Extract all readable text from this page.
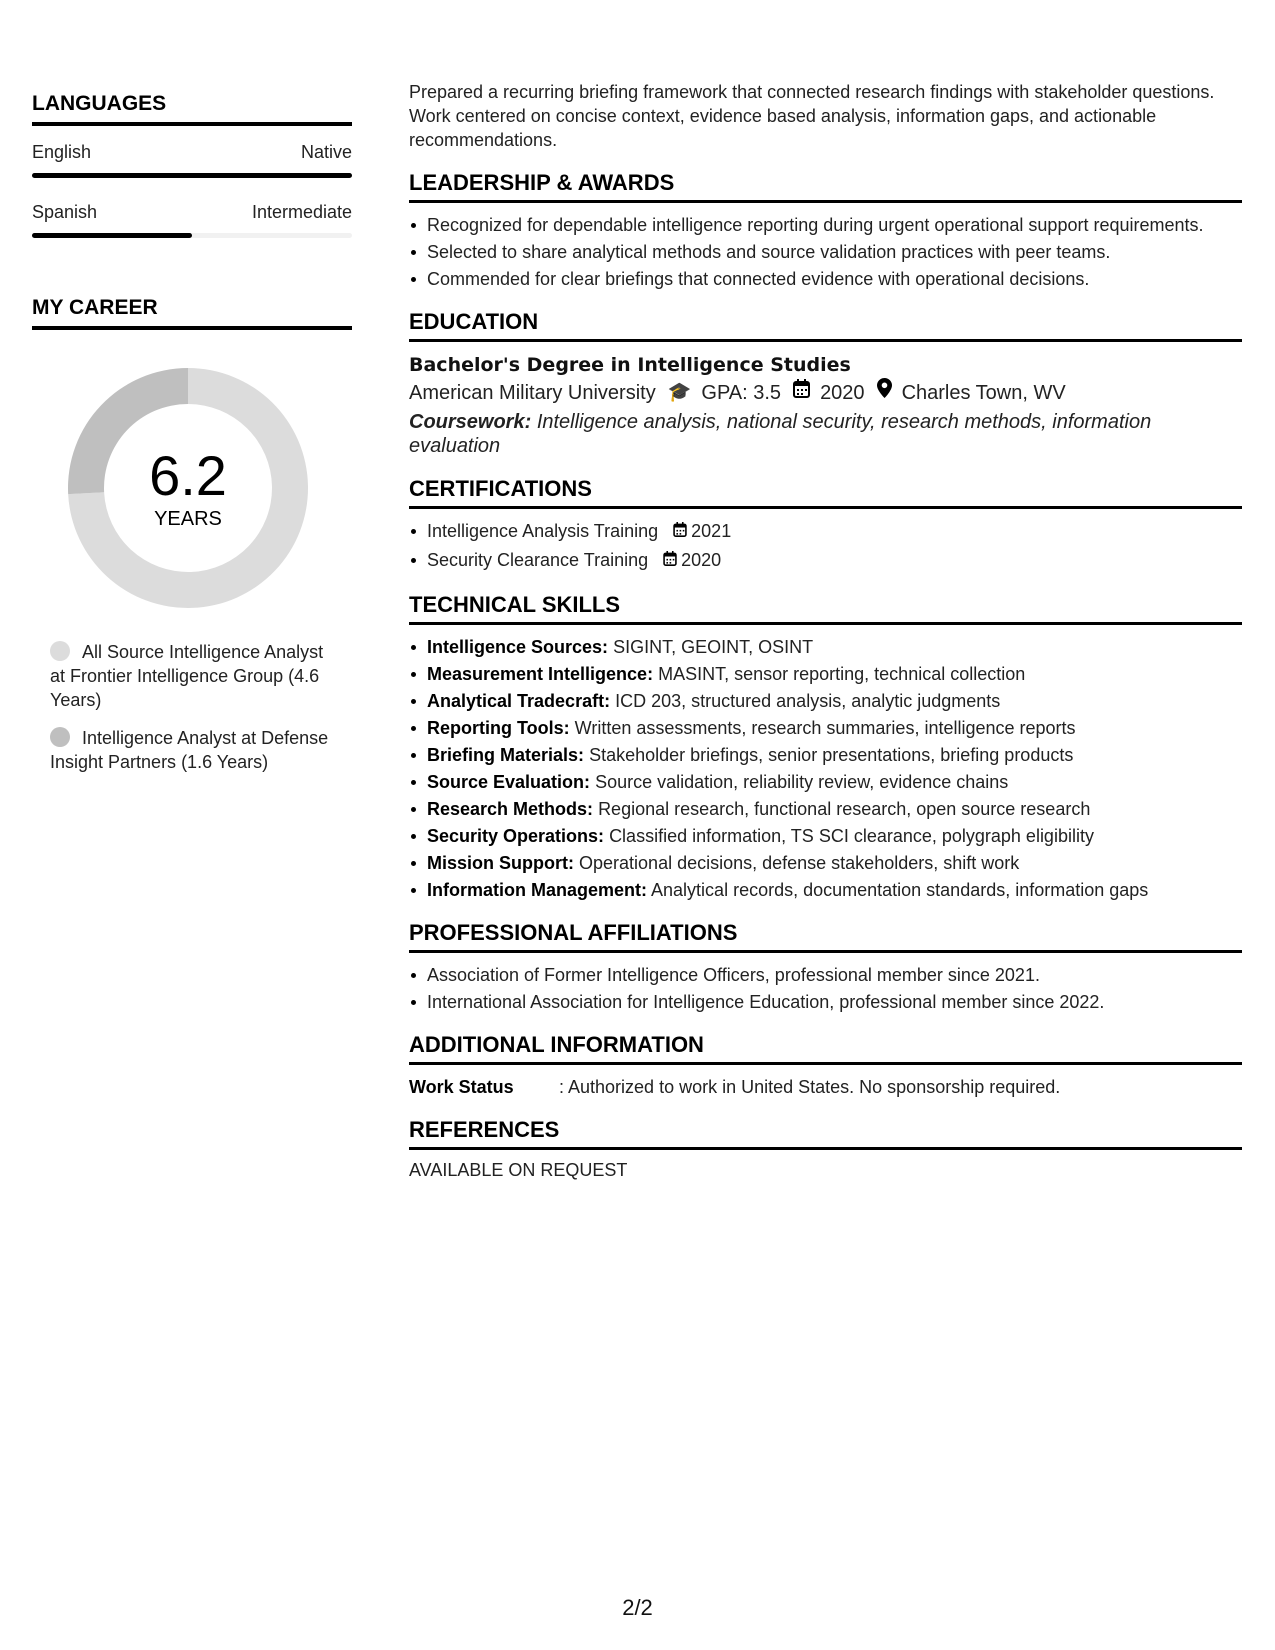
LANGUAGES
English	Native
Spanish	Intermediate
MY CAREER
6.2
YEARS
All Source Intelligence Analyst at Frontier Intelligence Group (4.6 Years)
Intelligence Analyst at Defense Insight Partners (1.6 Years)

Prepared a recurring briefing framework that connected research findings with stakeholder questions. Work centered on concise context, evidence based analysis, information gaps, and actionable recommendations.

LEADERSHIP & AWARDS
Recognized for dependable intelligence reporting during urgent operational support requirements.
Selected to share analytical methods and source validation practices with peer teams.
Commended for clear briefings that connected evidence with operational decisions.
EDUCATION
Bachelor's Degree in Intelligence Studies
American Military University 🎓 GPA: 3.5 2020 Charles Town, WV
Coursework: Intelligence analysis, national security, research methods, information evaluation
CERTIFICATIONS
Intelligence Analysis Training 2021
Security Clearance Training 2020
TECHNICAL SKILLS
Intelligence Sources: SIGINT, GEOINT, OSINT
Measurement Intelligence: MASINT, sensor reporting, technical collection
Analytical Tradecraft: ICD 203, structured analysis, analytic judgments
Reporting Tools: Written assessments, research summaries, intelligence reports
Briefing Materials: Stakeholder briefings, senior presentations, briefing products
Source Evaluation: Source validation, reliability review, evidence chains
Research Methods: Regional research, functional research, open source research
Security Operations: Classified information, TS SCI clearance, polygraph eligibility
Mission Support: Operational decisions, defense stakeholders, shift work
Information Management: Analytical records, documentation standards, information gaps
PROFESSIONAL AFFILIATIONS
Association of Former Intelligence Officers, professional member since 2021.
International Association for Intelligence Education, professional member since 2022.
ADDITIONAL INFORMATION
Work Status	: Authorized to work in United States. No sponsorship required.
REFERENCES
AVAILABLE ON REQUEST
2/2
